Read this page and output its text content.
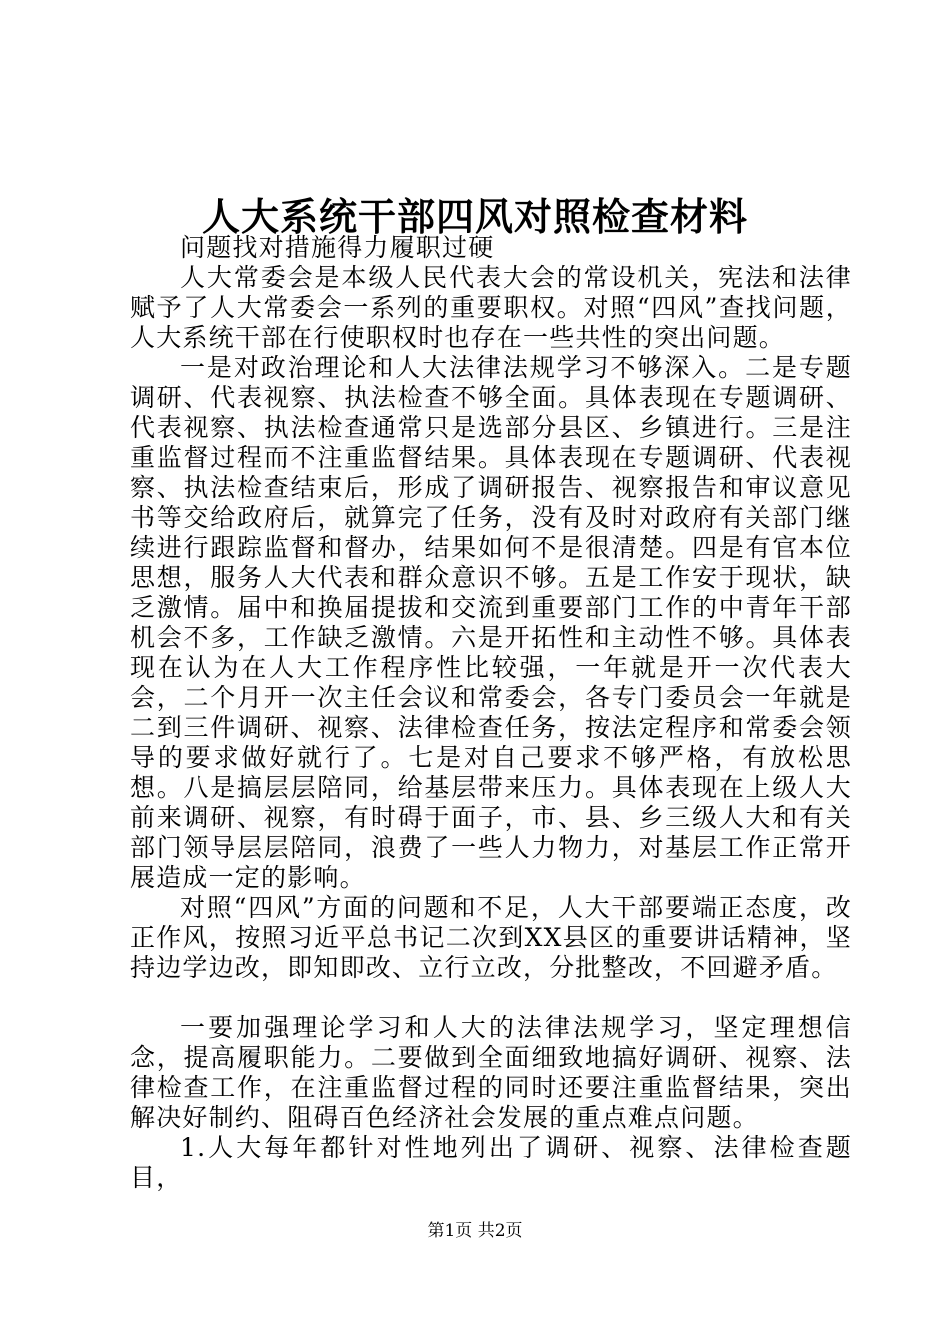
人大系统干部四风对照检查材料

问题找对措施得力履职过硬

人大常委会是本级人民代表大会的常设机关，宪法和法律赋予了人大常委会一系列的重要职权。对照“四风”查找问题，人大系统干部在行使职权时也存在一些共性的突出问题。

一是对政治理论和人大法律法规学习不够深入。二是专题调研、代表视察、执法检查不够全面。具体表现在专题调研、代表视察、执法检查通常只是选部分县区、乡镇进行。三是注重监督过程而不注重监督结果。具体表现在专题调研、代表视察、执法检查结束后，形成了调研报告、视察报告和审议意见书等交给政府后，就算完了任务，没有及时对政府有关部门继续进行跟踪监督和督办，结果如何不是很清楚。四是有官本位思想，服务人大代表和群众意识不够。五是工作安于现状，缺乏激情。届中和换届提拔和交流到重要部门工作的中青年干部机会不多，工作缺乏激情。六是开拓性和主动性不够。具体表现在认为在人大工作程序性比较强，一年就是开一次代表大会，二个月开一次主任会议和常委会，各专门委员会一年就是二到三件调研、视察、法律检查任务，按法定程序和常委会领导的要求做好就行了。七是对自己要求不够严格，有放松思想。八是搞层层陪同，给基层带来压力。具体表现在上级人大前来调研、视察，有时碍于面子，市、县、乡三级人大和有关部门领导层层陪同，浪费了一些人力物力，对基层工作正常开展造成一定的影响。

对照“四风”方面的问题和不足，人大干部要端正态度，改正作风，按照习近平总书记二次到XX县区的重要讲话精神，坚持边学边改，即知即改、立行立改，分批整改，不回避矛盾。

一要加强理论学习和人大的法律法规学习，坚定理想信念，提高履职能力。二要做到全面细致地搞好调研、视察、法律检查工作，在注重监督过程的同时还要注重监督结果，突出解决好制约、阻碍百色经济社会发展的重点难点问题。

1.人大每年都针对性地列出了调研、视察、法律检查题目，

第1页 共2页
